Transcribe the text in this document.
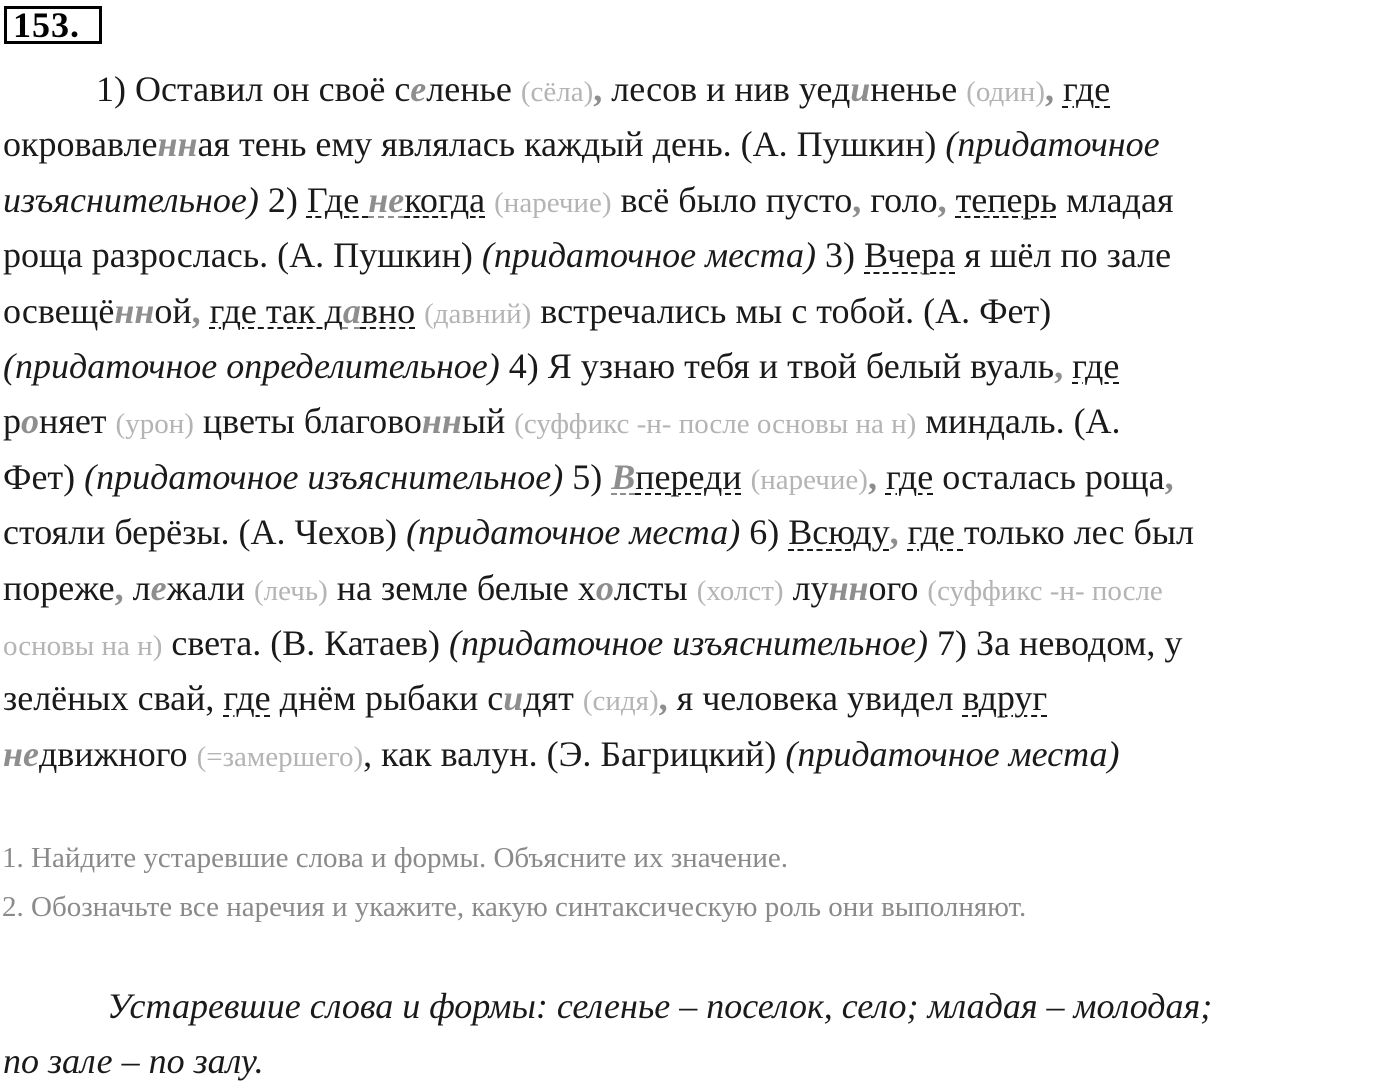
153.
1) Оставил он своё селенье (сёла), лесов и нив уединенье (один), где
окровавленная тень ему являлась каждый день. (А. Пушкин) (придаточное
изъяснительное) 2) Где некогда (наречие) всё было пусто, голо, теперь младая
роща разрослась. (А. Пушкин) (придаточное места) 3) Вчера я шёл по зале
освещённой, где так давно (давний) встречались мы с тобой. (А. Фет)
(придаточное определительное) 4) Я узнаю тебя и твой белый вуаль, где
роняет (урон) цветы благовонный (суффикс -н- после основы на н) миндаль. (А.
Фет) (придаточное изъяснительное) 5) Впереди (наречие), где осталась роща,
стояли берёзы. (А. Чехов) (придаточное места) 6) Всюду, где только лес был
пореже, лежали (лечь) на земле белые холсты (холст) лунного (суффикс -н- после
основы на н) света. (В. Катаев) (придаточное изъяснительное) 7) За неводом, у
зелёных свай, где днём рыбаки сидят (сидя), я человека увидел вдруг
недвижного (=замершего), как валун. (Э. Багрицкий) (придаточное места)
1. Найдите устаревшие слова и формы. Объясните их значение.
2. Обозначьте все наречия и укажите, какую синтаксическую роль они выполняют.
Устаревшие слова и формы: селенье – поселок, село; младая – молодая;
по зале – по залу.
